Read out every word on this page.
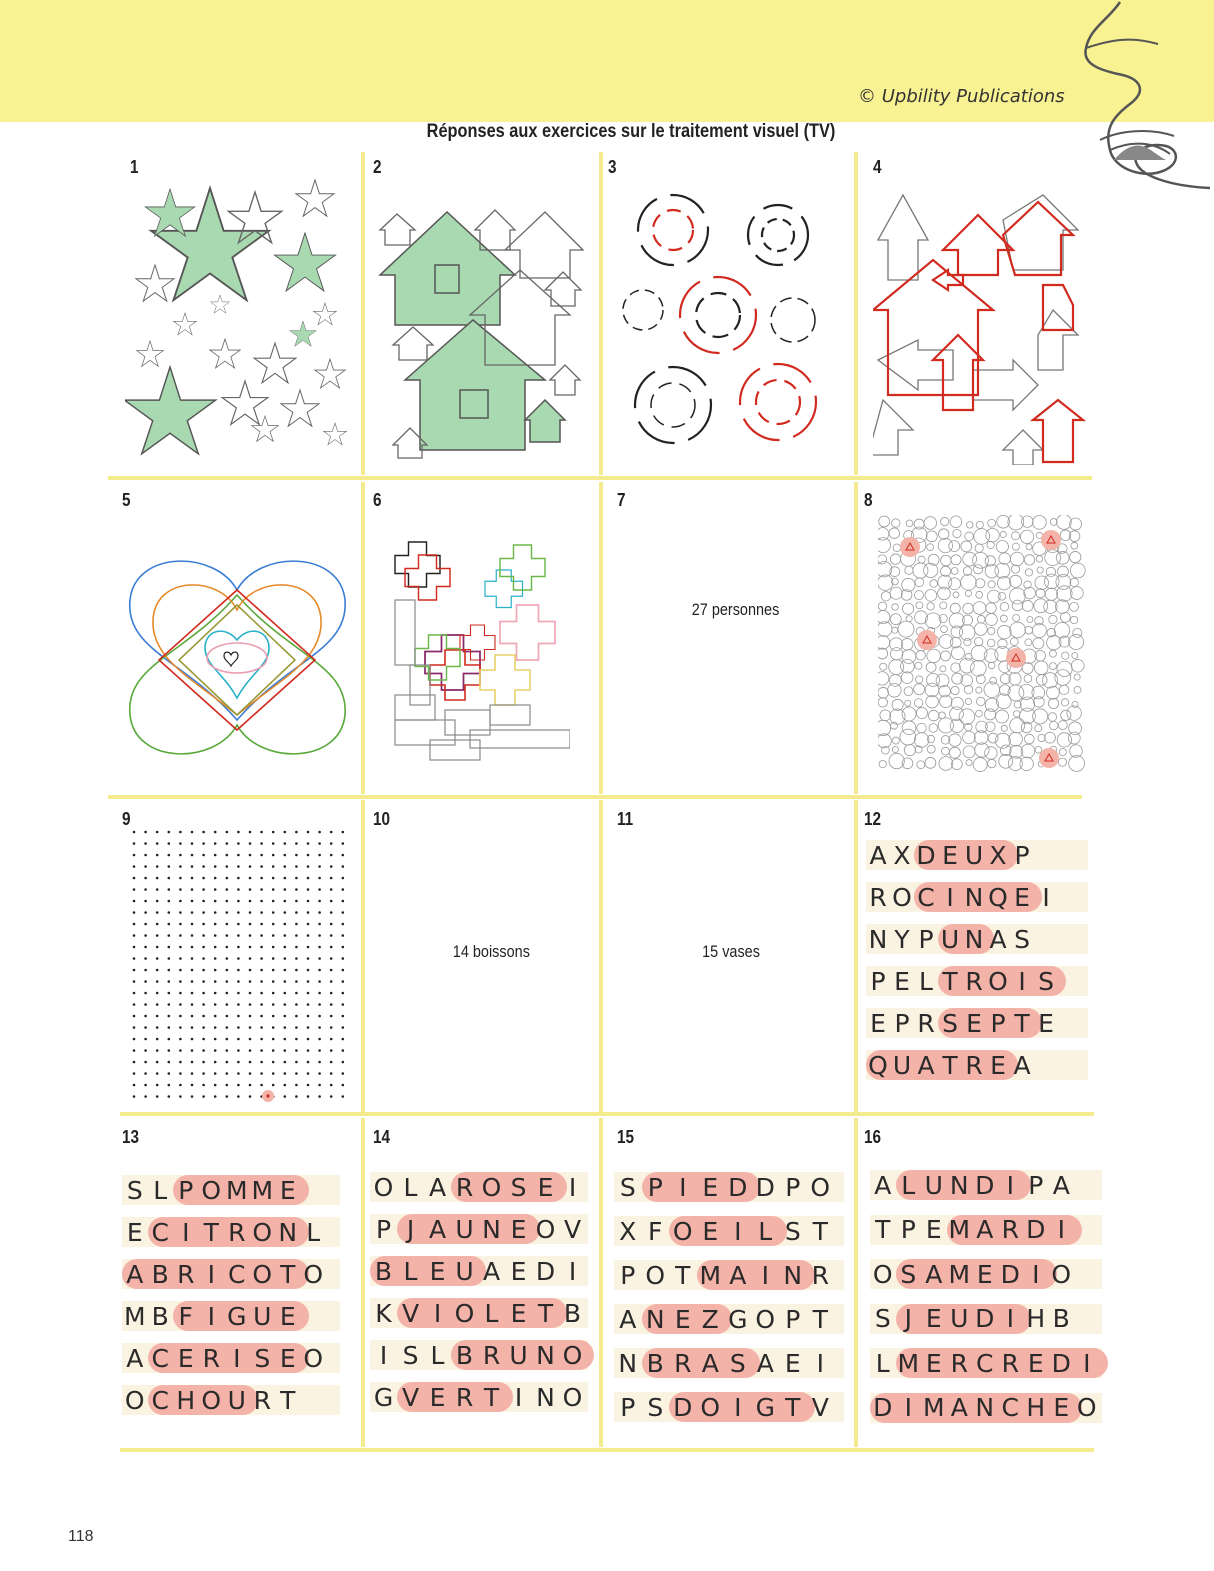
© Upbility Publications
Réponses aux exercices sur le traitement visuel (TV)
1	2	3	4
5	6	7	8
9	10	11	12
13	14	15	16
27 personnes
14 boissons	15 vases
A X D E U X P
R O C I N Q E I
N Y P U N A S
P E L T R O I S
E P R S E P T E
Q U A T R E A
S L P O M M E
E C I T R O N L
A B R I C O T O
M B F I G U E
A C E R I S E O
O C H O U R T
O L A R O S E I
P J A U N E O V
B L E U A E D I
K V I O L E T B
I S L B R U N O
G V E R T I N O
S P I E D D P O
X F O E I L S T
P O T M A I N R
A N E Z G O P T
N B R A S A E I
P S D O I G T V
A L U N D I P A
T P E M A R D I
O S A M E D I O
S J E U D I H B
L M E R C R E D I
D I M A N C H E O
118
